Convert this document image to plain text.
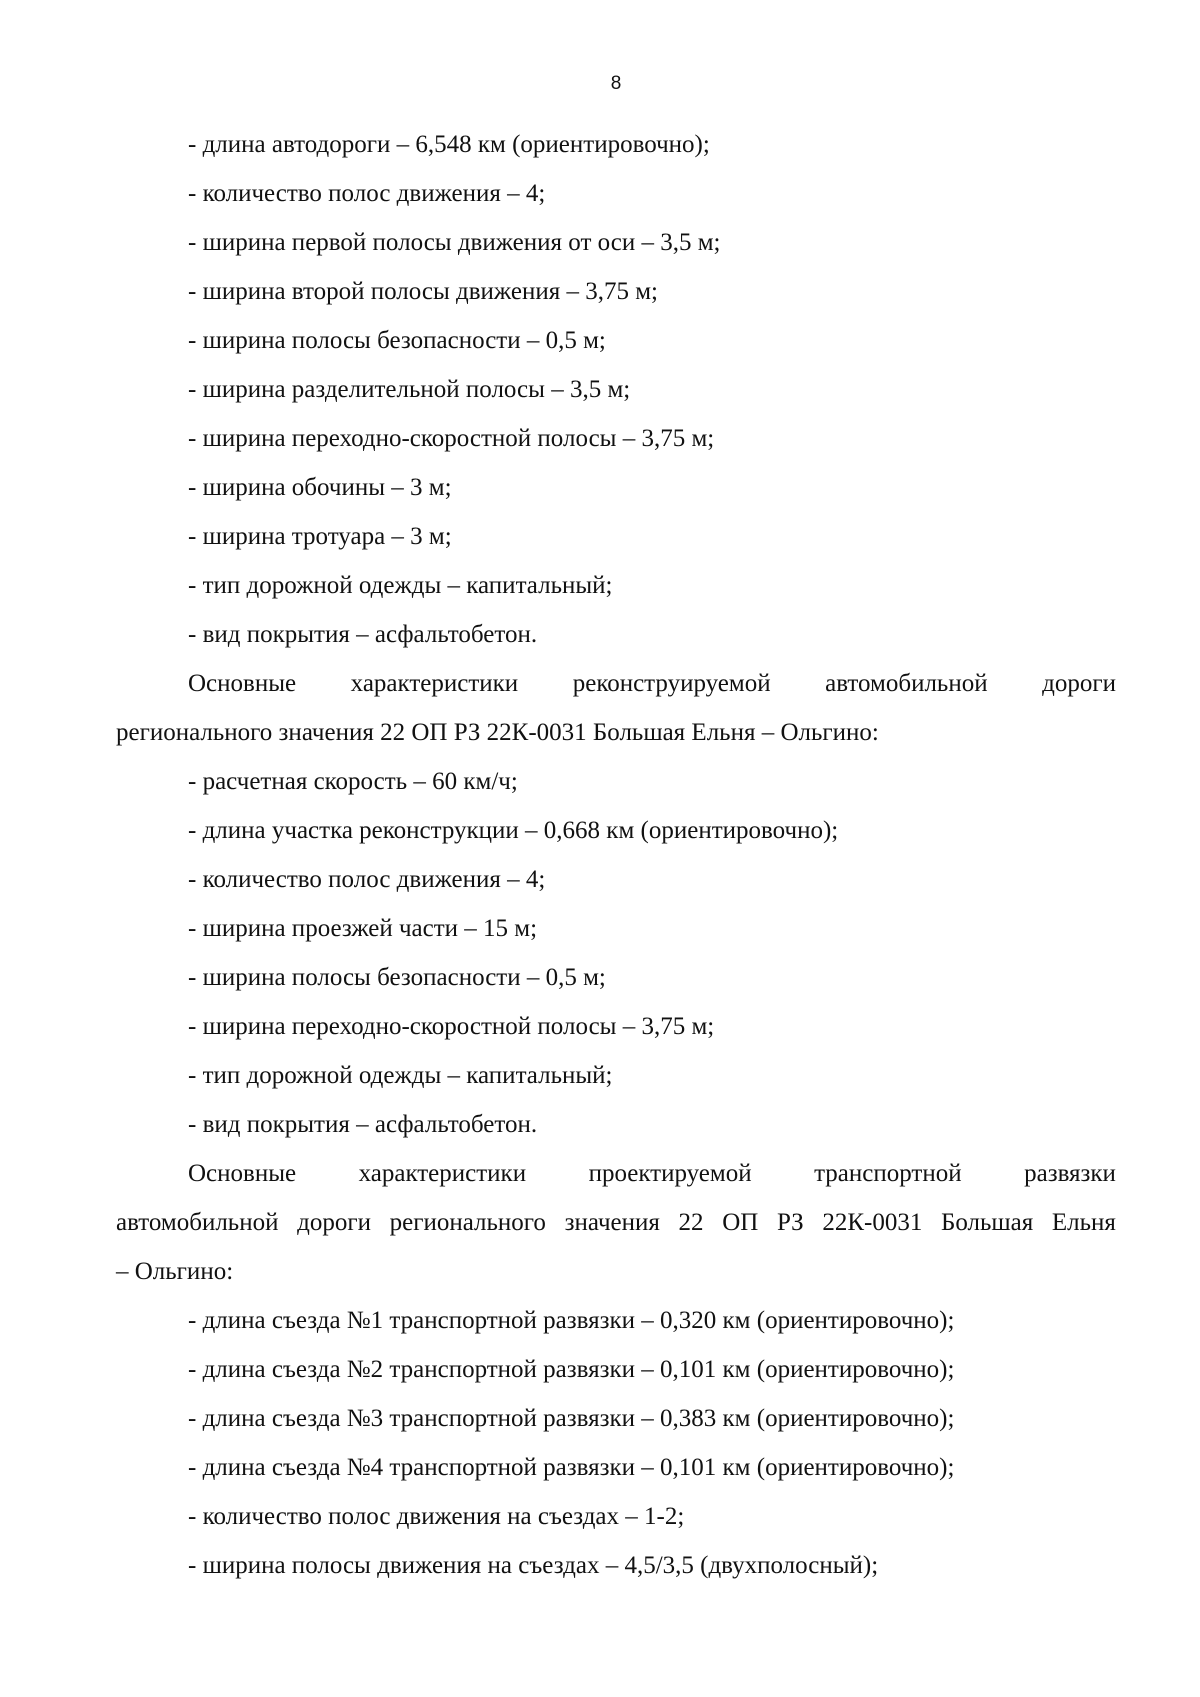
8

- длина автодороги – 6,548 км (ориентировочно);

- количество полос движения – 4;

- ширина первой полосы движения от оси – 3,5 м;

- ширина второй полосы движения – 3,75 м;

- ширина полосы безопасности – 0,5 м;

- ширина разделительной полосы – 3,5 м;

- ширина переходно-скоростной полосы – 3,75 м;

- ширина обочины – 3 м;

- ширина тротуара – 3 м;

- тип дорожной одежды – капитальный;

- вид покрытия – асфальтобетон.

Основные характеристики реконструируемой автомобильной дороги

регионального значения 22 ОП РЗ 22К-0031 Большая Ельня – Ольгино:

- расчетная скорость – 60 км/ч;

- длина участка реконструкции – 0,668 км (ориентировочно);

- количество полос движения – 4;

- ширина проезжей части – 15 м;

- ширина полосы безопасности – 0,5 м;

- ширина переходно-скоростной полосы – 3,75 м;

- тип дорожной одежды – капитальный;

- вид покрытия – асфальтобетон.

Основные характеристики проектируемой транспортной развязки

автомобильной дороги регионального значения 22 ОП РЗ 22К-0031 Большая Ельня

– Ольгино:

- длина съезда №1 транспортной развязки – 0,320 км (ориентировочно);

- длина съезда №2 транспортной развязки – 0,101 км (ориентировочно);

- длина съезда №3 транспортной развязки – 0,383 км (ориентировочно);

- длина съезда №4 транспортной развязки – 0,101 км (ориентировочно);

- количество полос движения на съездах – 1-2;

- ширина полосы движения на съездах – 4,5/3,5 (двухполосный);
